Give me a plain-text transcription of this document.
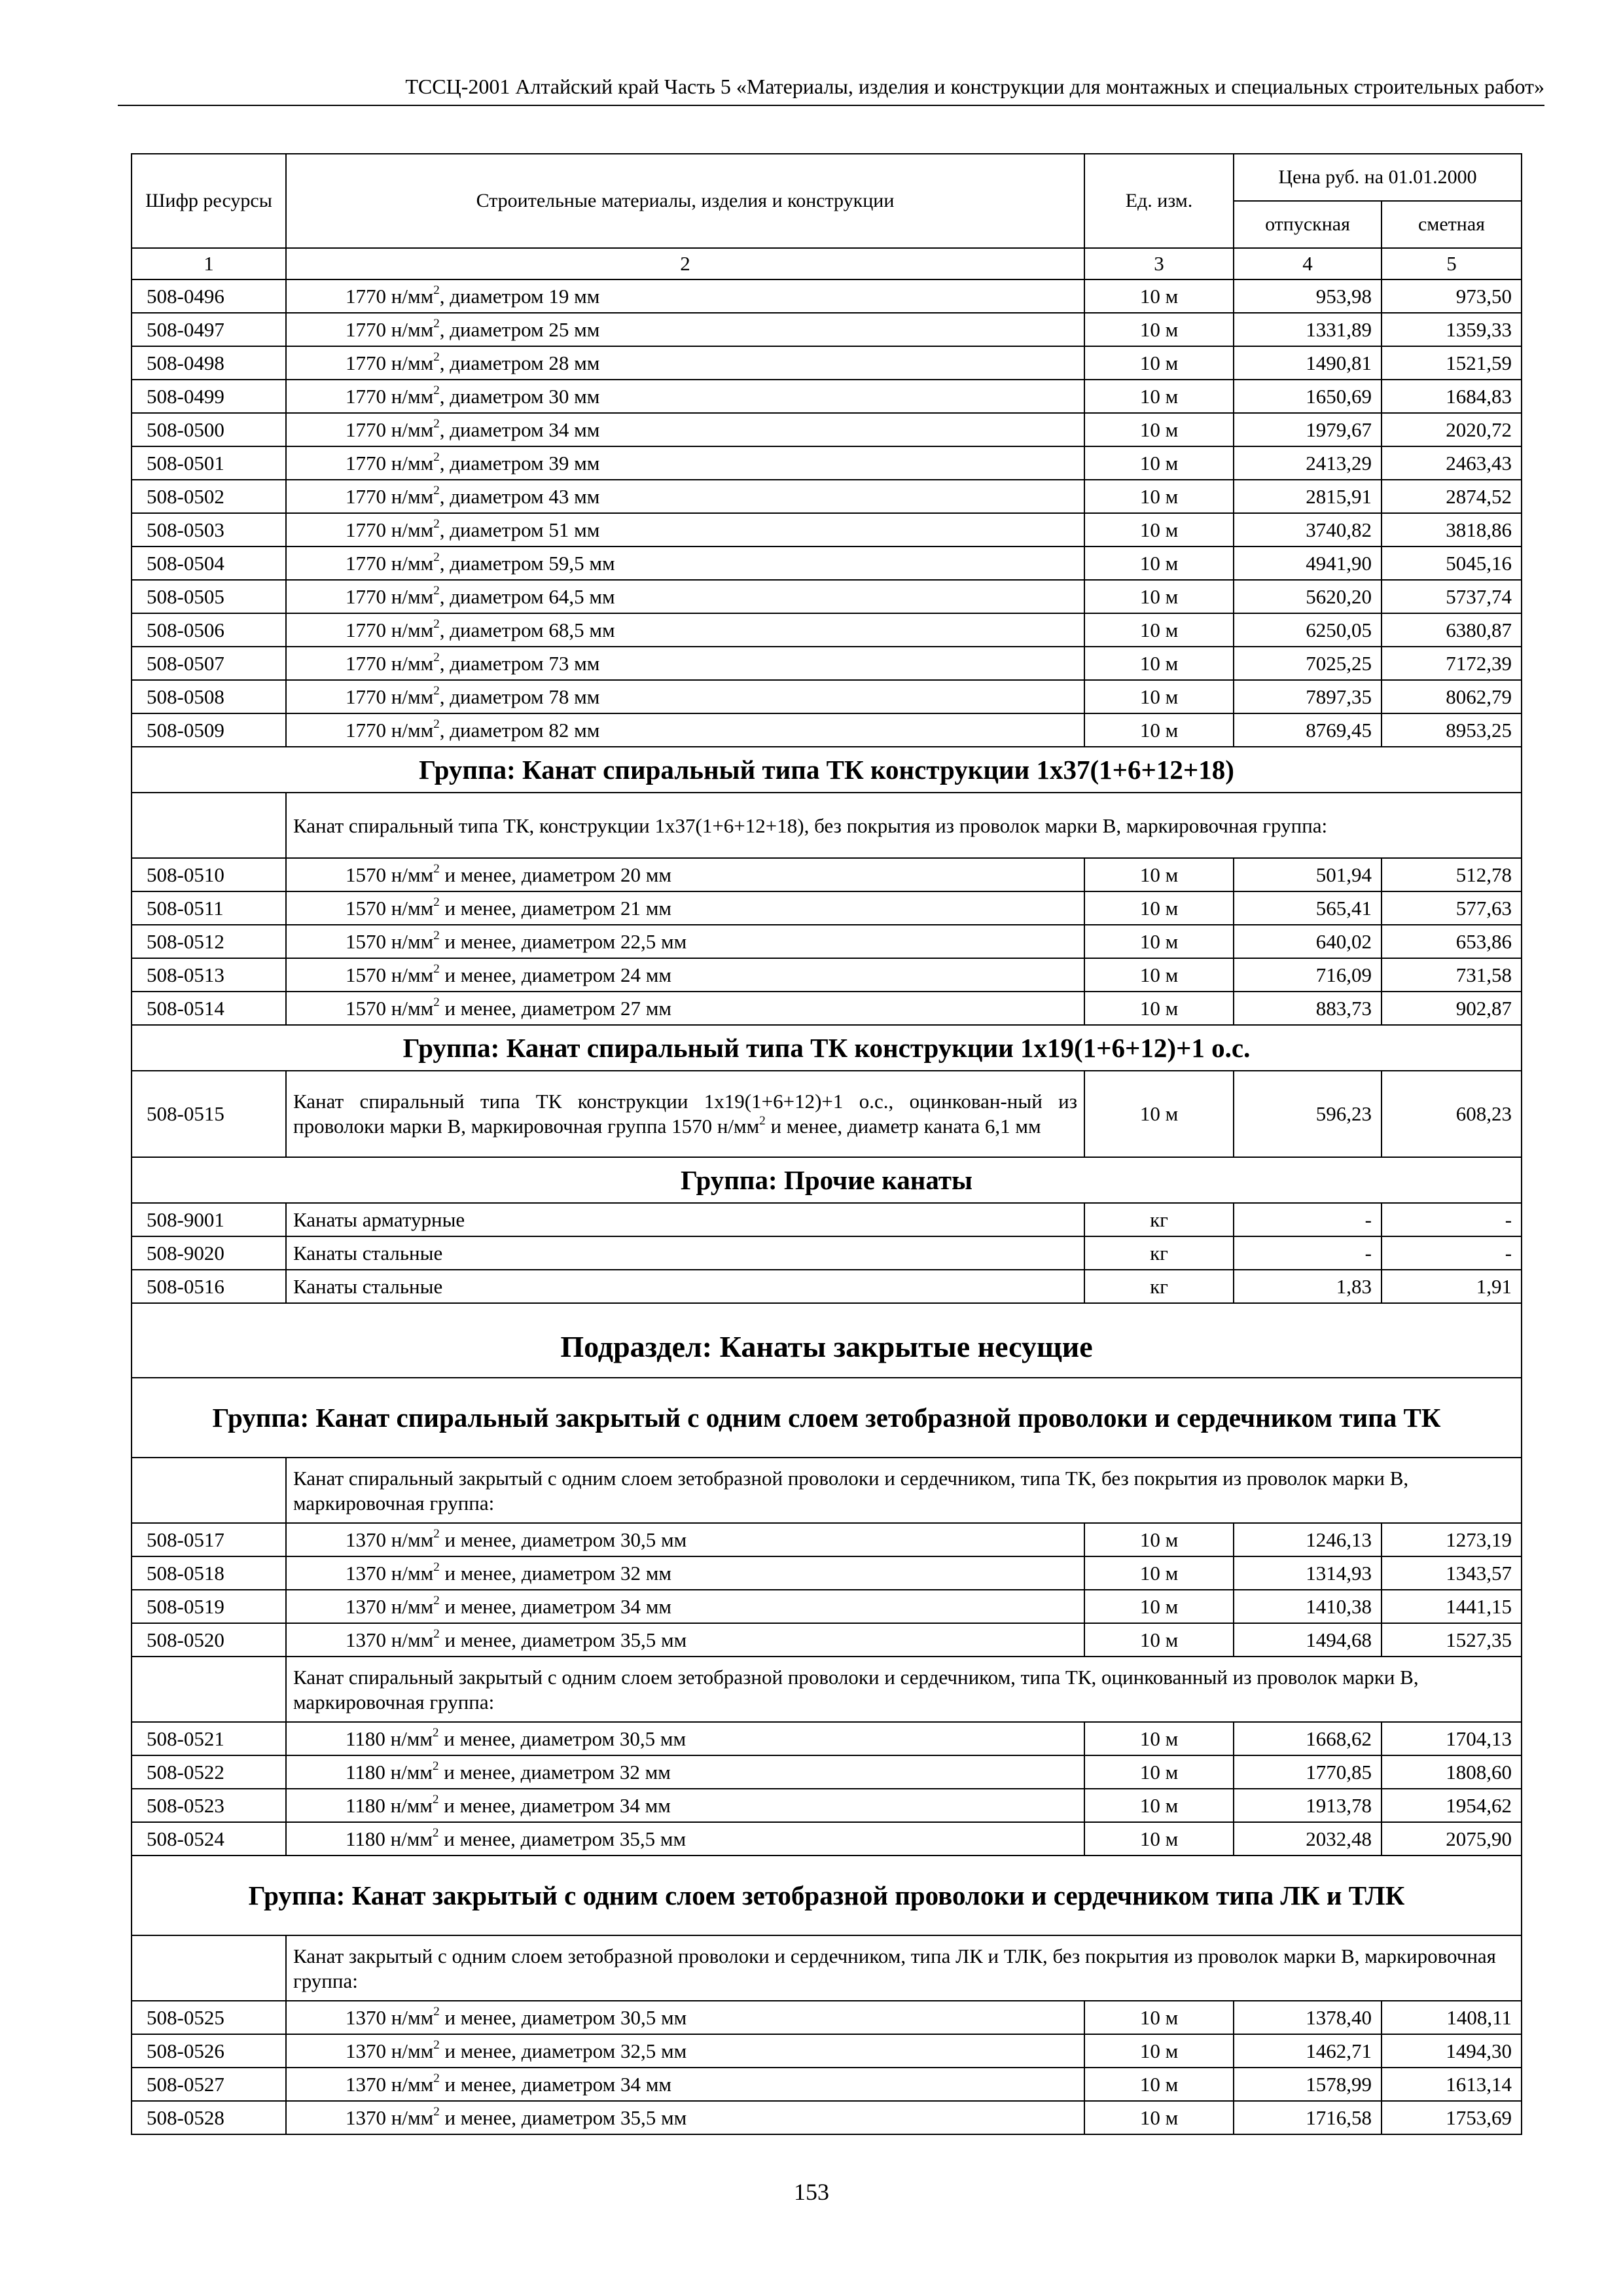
ТССЦ-2001 Алтайский край Часть 5 «Материалы, изделия и конструкции для монтажных и специальных строительных работ»
Шифр ресурсы	Строительные материалы, изделия и конструкции	Ед. изм.	Цена руб. на 01.01.2000	
			отпускная	сметная
1	2	3	4	5
508-0496	1770 $н/мм^2$, диаметром 19 мм	10 м	953,98	973,50
508-0497	1770 $н/мм^2$, диаметром 25 мм	10 м	1331,89	1359,33
508-0498	1770 $н/мм^2$, диаметром 28 мм	10 м	1490,81	1521,59
508-0499	1770 $н/мм^2$, диаметром 30 мм	10 м	1650,69	1684,83
508-0500	1770 $н/мм^2$, диаметром 34 мм	10 м	1979,67	2020,72
508-0501	1770 $н/мм^2$, диаметром 39 мм	10 м	2413,29	2463,43
508-0502	1770 $н/мм^2$, диаметром 43 мм	10 м	2815,91	2874,52
508-0503	1770 $н/мм^2$, диаметром 51 мм	10 м	3740,82	3818,86
508-0504	1770 $н/мм^2$, диаметром 59,5 мм	10 м	4941,90	5045,16
508-0505	1770 $н/мм^2$, диаметром 64,5 мм	10 м	5620,20	5737,74
508-0506	1770 $н/мм^2$, диаметром 68,5 мм	10 м	6250,05	6380,87
508-0507	1770 $н/мм^2$, диаметром 73 мм	10 м	7025,25	7172,39
508-0508	1770 $н/мм^2$, диаметром 78 мм	10 м	7897,35	8062,79
508-0509	1770 $н/мм^2$, диаметром 82 мм	10 м	8769,45	8953,25
Группа: Канат спиральный типа ТК конструкции 1х37(1+6+12+18)				
	Канат спиральный типа ТК, конструкции 1х37(1+6+12+18), без покрытия из проволок марки В, маркировочная группа:			
508-0510	1570 $н/мм^2$ и менее, диаметром 20 мм	10 м	501,94	512,78
508-0511	1570 $н/мм^2$ и менее, диаметром 21 мм	10 м	565,41	577,63
508-0512	1570 $н/мм^2$ и менее, диаметром 22,5 мм	10 м	640,02	653,86
508-0513	1570 $н/мм^2$ и менее, диаметром 24 мм	10 м	716,09	731,58
508-0514	1570 $н/мм^2$ и менее, диаметром 27 мм	10 м	883,73	902,87
Группа: Канат спиральный типа ТК конструкции 1х19(1+6+12)+1 о.с.				
508-0515	Канат спиральный типа ТК конструкции 1х19(1+6+12)+1 о.с., оцинкован-ный из проволоки марки В, маркировочная группа 1570 $н/мм^2$ и менее, диаметр каната 6,1 мм	10 м	596,23	608,23
Группа: Прочие канаты				
508-9001	Канаты арматурные	кг	-	-
508-9020	Канаты стальные	кг	-	-
508-0516	Канаты стальные	кг	1,83	1,91
Подраздел: Канаты закрытые несущие				
Группа: Канат спиральный закрытый с одним слоем зетобразной проволоки и сердечником типа ТК				
	Канат спиральный закрытый с одним слоем зетобразной проволоки и сердечником, типа ТК, без покрытия из проволок марки В, маркировочная группа:			
508-0517	1370 $н/мм^2$ и менее, диаметром 30,5 мм	10 м	1246,13	1273,19
508-0518	1370 $н/мм^2$ и менее, диаметром 32 мм	10 м	1314,93	1343,57
508-0519	1370 $н/мм^2$ и менее, диаметром 34 мм	10 м	1410,38	1441,15
508-0520	1370 $н/мм^2$ и менее, диаметром 35,5 мм	10 м	1494,68	1527,35
	Канат спиральный закрытый с одним слоем зетобразной проволоки и сердечником, типа ТК, оцинкованный из проволок марки В, маркировочная группа:			
508-0521	1180 $н/мм^2$ и менее, диаметром 30,5 мм	10 м	1668,62	1704,13
508-0522	1180 $н/мм^2$ и менее, диаметром 32 мм	10 м	1770,85	1808,60
508-0523	1180 $н/мм^2$ и менее, диаметром 34 мм	10 м	1913,78	1954,62
508-0524	1180 $н/мм^2$ и менее, диаметром 35,5 мм	10 м	2032,48	2075,90
Группа: Канат закрытый с одним слоем зетобразной проволоки и сердечником типа ЛК и ТЛК				
	Канат закрытый с одним слоем зетобразной проволоки и сердечником, типа ЛК и ТЛК, без покрытия из проволок марки В, маркировочная группа:			
508-0525	1370 $н/мм^2$ и менее, диаметром 30,5 мм	10 м	1378,40	1408,11
508-0526	1370 $н/мм^2$ и менее, диаметром 32,5 мм	10 м	1462,71	1494,30
508-0527	1370 $н/мм^2$ и менее, диаметром 34 мм	10 м	1578,99	1613,14
508-0528	1370 $н/мм^2$ и менее, диаметром 35,5 мм	10 м	1716,58	1753,69
153
